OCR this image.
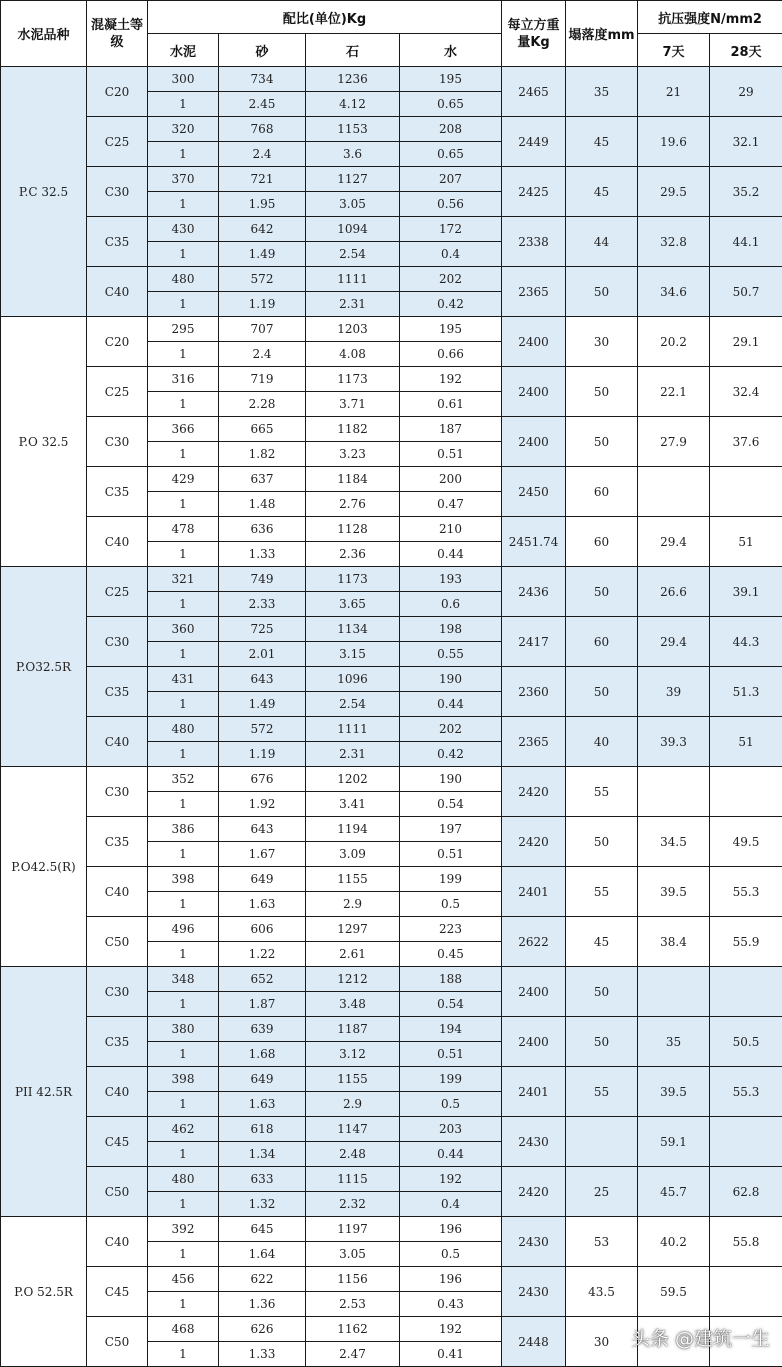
水泥品种	混凝土等级	配比(单位)Kg				每立方重量Kg	塌落度mm	抗压强度N/mm2	
		水泥	砂	石	水			7天	28天
P.C 32.5	C20	300	734	1236	195	2465	35	21	29
		1	2.45	4.12	0.65				
	C25	320	768	1153	208	2449	45	19.6	32.1
		1	2.4	3.6	0.65				
	C30	370	721	1127	207	2425	45	29.5	35.2
		1	1.95	3.05	0.56				
	C35	430	642	1094	172	2338	44	32.8	44.1
		1	1.49	2.54	0.4				
	C40	480	572	1111	202	2365	50	34.6	50.7
		1	1.19	2.31	0.42				
P.O 32.5	C20	295	707	1203	195	2400	30	20.2	29.1
		1	2.4	4.08	0.66				
	C25	316	719	1173	192	2400	50	22.1	32.4
		1	2.28	3.71	0.61				
	C30	366	665	1182	187	2400	50	27.9	37.6
		1	1.82	3.23	0.51				
	C35	429	637	1184	200	2450	60		
		1	1.48	2.76	0.47				
	C40	478	636	1128	210	2451.74	60	29.4	51
		1	1.33	2.36	0.44				
P.O32.5R	C25	321	749	1173	193	2436	50	26.6	39.1
		1	2.33	3.65	0.6				
	C30	360	725	1134	198	2417	60	29.4	44.3
		1	2.01	3.15	0.55				
	C35	431	643	1096	190	2360	50	39	51.3
		1	1.49	2.54	0.44				
	C40	480	572	1111	202	2365	40	39.3	51
		1	1.19	2.31	0.42				
P.O42.5(R)	C30	352	676	1202	190	2420	55		
		1	1.92	3.41	0.54				
	C35	386	643	1194	197	2420	50	34.5	49.5
		1	1.67	3.09	0.51				
	C40	398	649	1155	199	2401	55	39.5	55.3
		1	1.63	2.9	0.5				
	C50	496	606	1297	223	2622	45	38.4	55.9
		1	1.22	2.61	0.45				
PII 42.5R	C30	348	652	1212	188	2400	50		
		1	1.87	3.48	0.54				
	C35	380	639	1187	194	2400	50	35	50.5
		1	1.68	3.12	0.51				
	C40	398	649	1155	199	2401	55	39.5	55.3
		1	1.63	2.9	0.5				
	C45	462	618	1147	203	2430		59.1	
		1	1.34	2.48	0.44				
	C50	480	633	1115	192	2420	25	45.7	62.8
		1	1.32	2.32	0.4				
P.O 52.5R	C40	392	645	1197	196	2430	53	40.2	55.8
		1	1.64	3.05	0.5				
	C45	456	622	1156	196	2430	43.5	59.5	
		1	1.36	2.53	0.43				
	C50	468	626	1162	192	2448	30		
		1	1.33	2.47	0.41				
头条 @建筑一生
